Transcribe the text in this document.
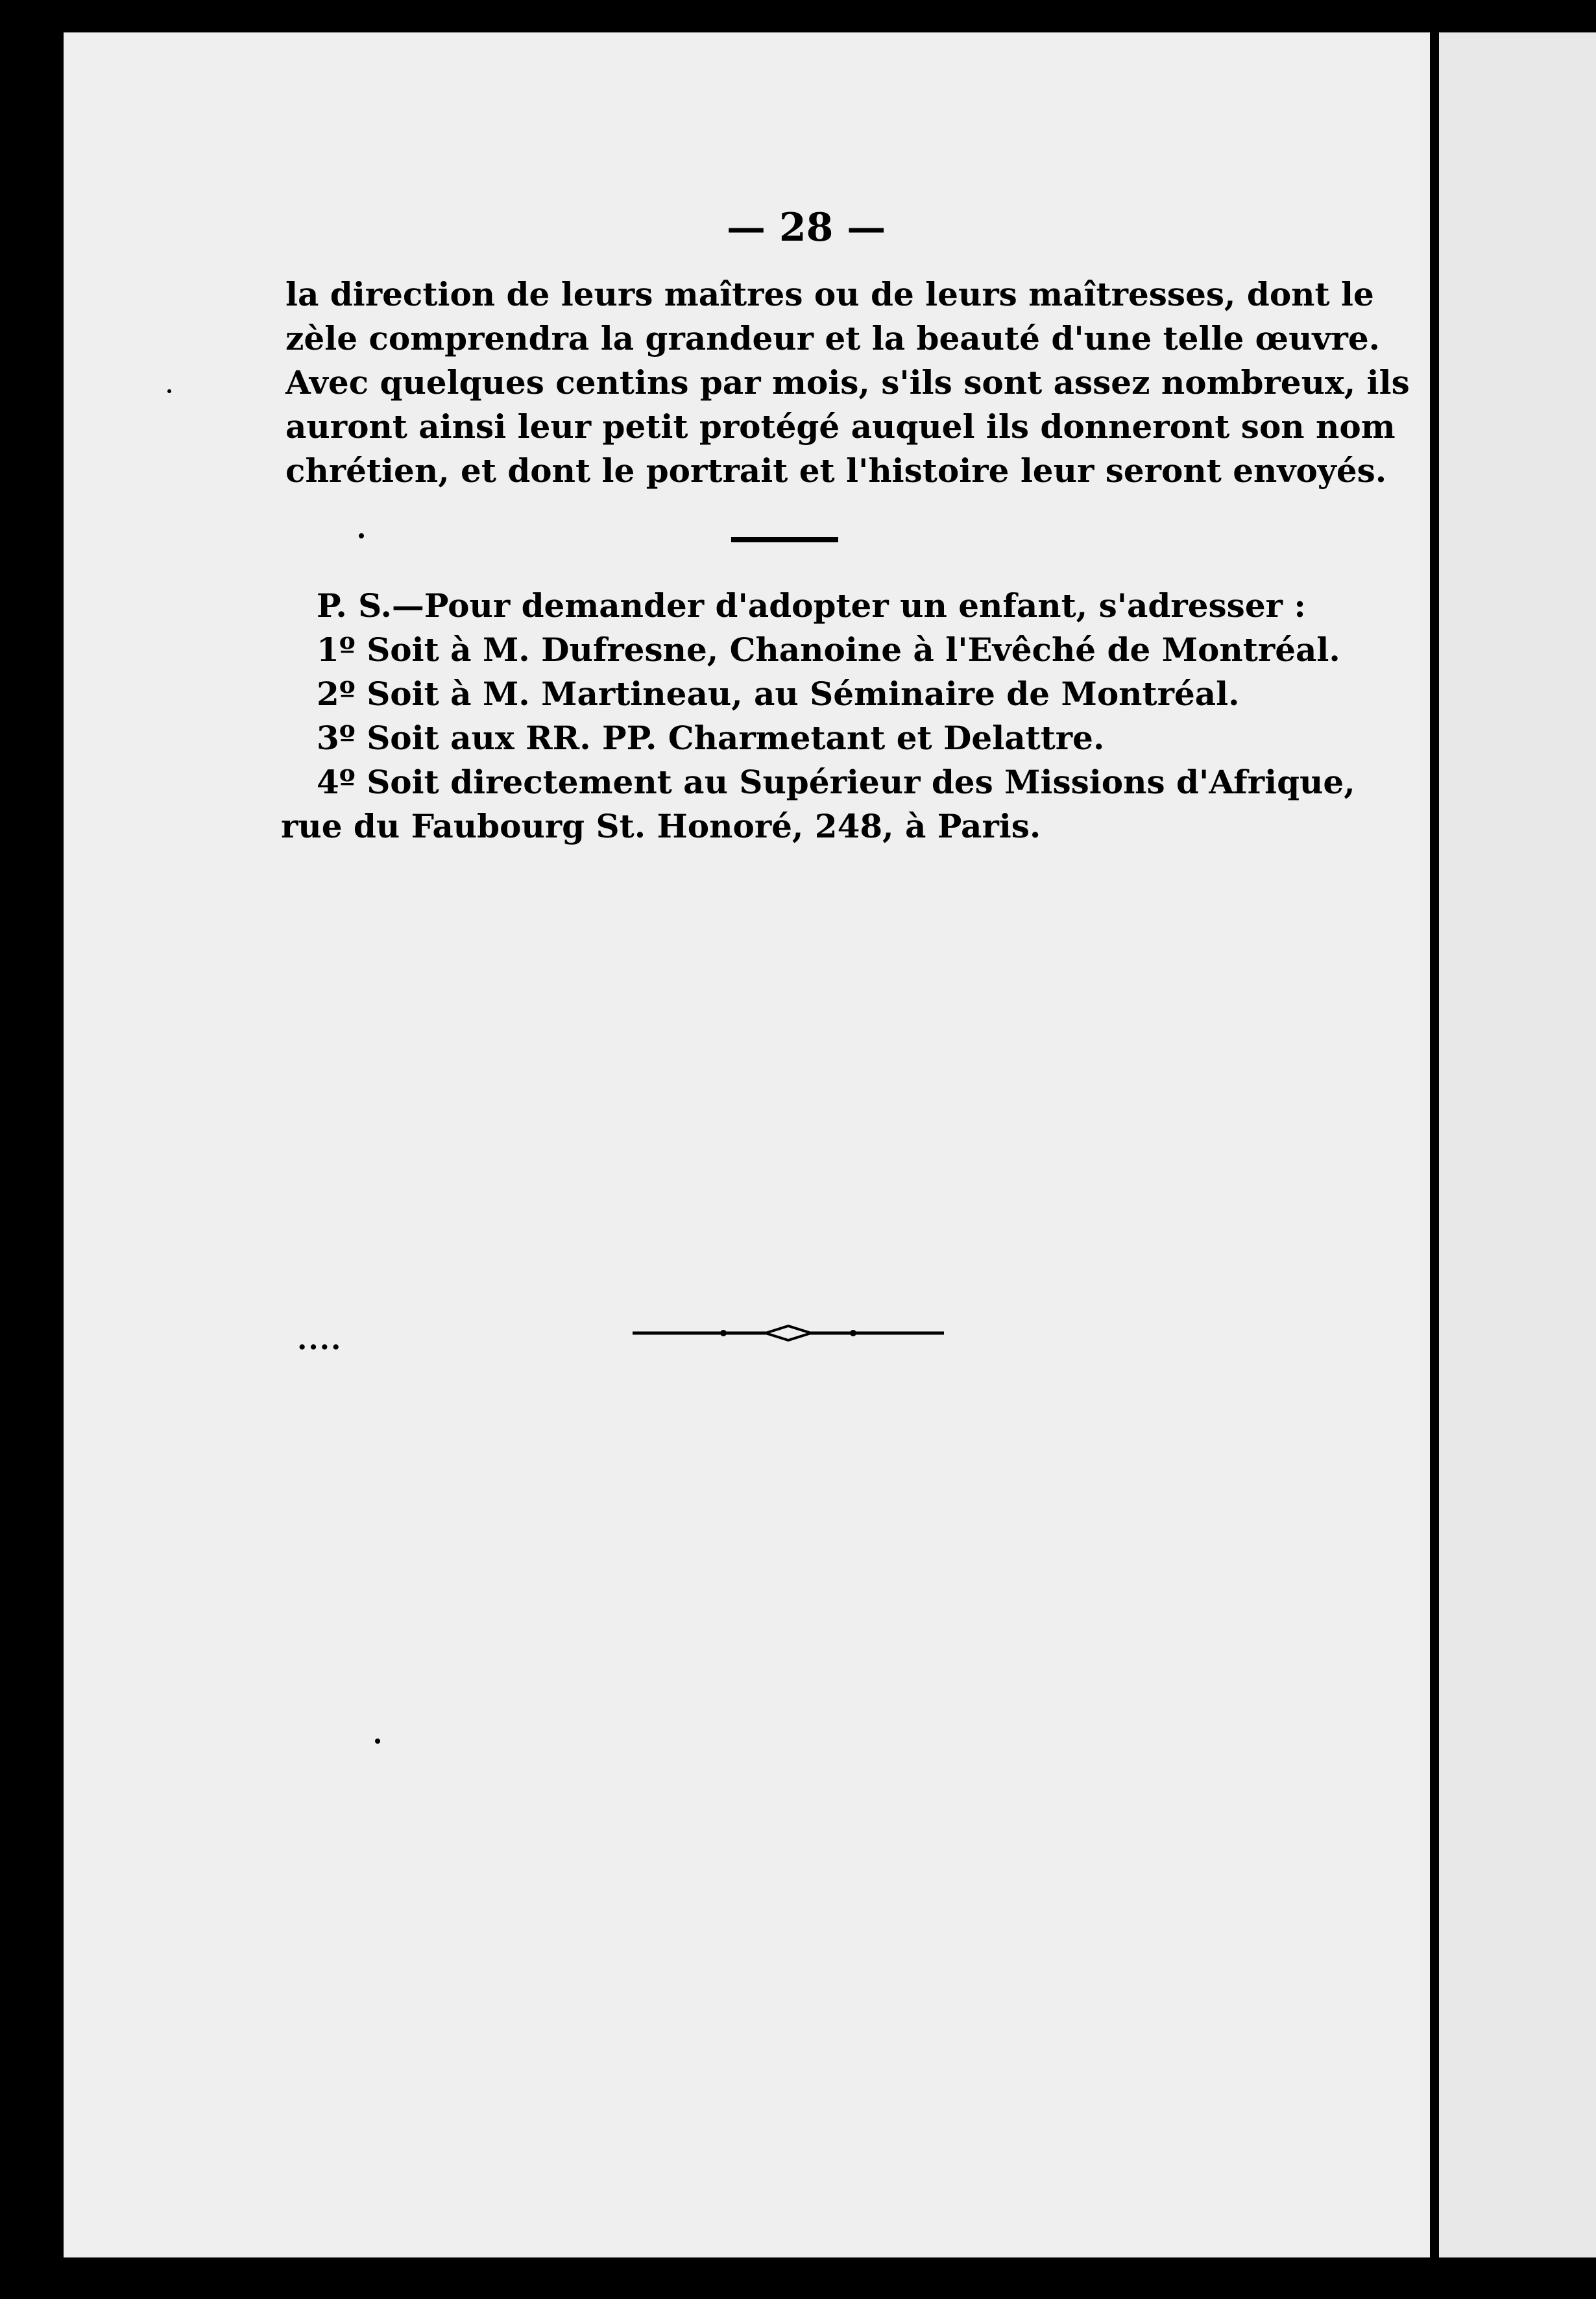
— 28 —
la direction de leurs maîtres ou de leurs maîtresses, dont le
zèle comprendra la grandeur et la beauté d'une telle œuvre.
Avec quelques centins par mois, s'ils sont assez nombreux, ils
auront ainsi leur petit protégé auquel ils donneront son nom
chrétien, et dont le portrait et l'histoire leur seront envoyés.
P. S.—Pour demander d'adopter un enfant, s'adresser :
1º Soit à M. Dufresne, Chanoine à l'Evêché de Montréal.
2º Soit à M. Martineau, au Séminaire de Montréal.
3º Soit aux RR. PP. Charmetant et Delattre.
4º Soit directement au Supérieur des Missions d'Afrique,
rue du Faubourg St. Honoré, 248, à Paris.
....
